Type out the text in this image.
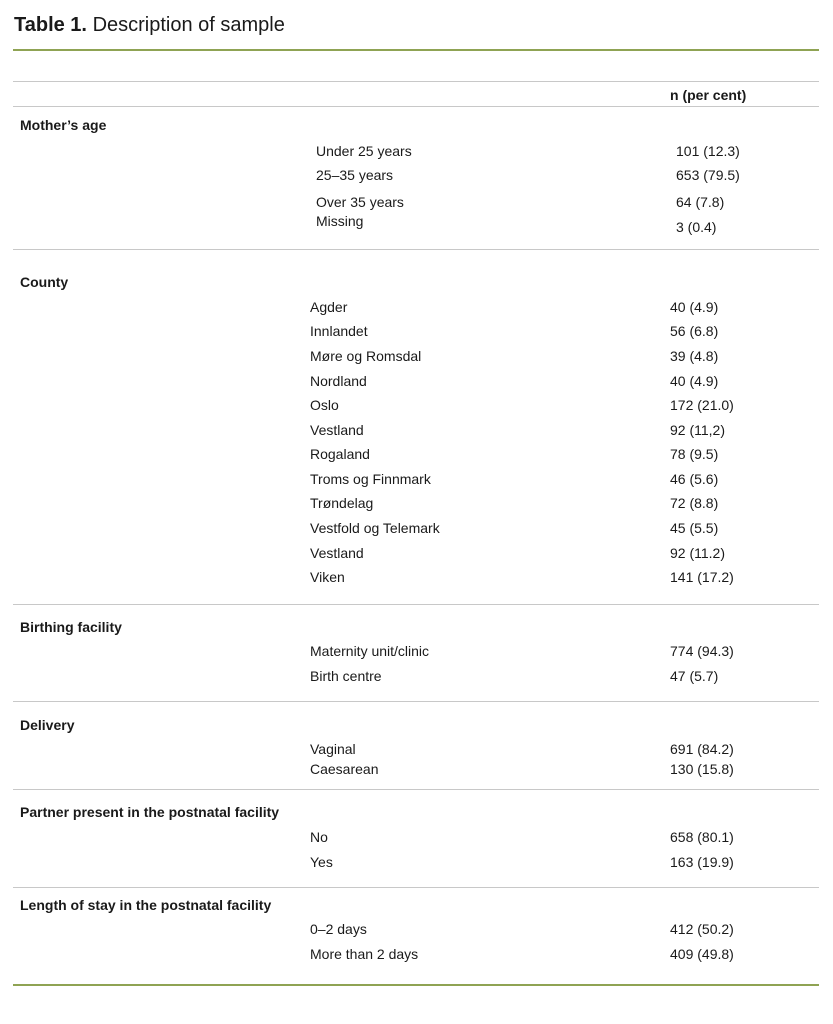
Table 1. Description of sample
n (per cent)
Mother’s age
Under 25 years	101 (12.3)
25–35 years	653 (79.5)
Over 35 years	64 (7.8)
Missing	3 (0.4)
County
Agder	40 (4.9)
Innlandet	56 (6.8)
Møre og Romsdal	39 (4.8)
Nordland	40 (4.9)
Oslo	172 (21.0)
Vestland	92 (11,2)
Rogaland	78 (9.5)
Troms og Finnmark	46 (5.6)
Trøndelag	72 (8.8)
Vestfold og Telemark	45 (5.5)
Vestland	92 (11.2)
Viken	141 (17.2)
Birthing facility
Maternity unit/clinic	774 (94.3)
Birth centre	47 (5.7)
Delivery
Vaginal	691 (84.2)
Caesarean	130 (15.8)
Partner present in the postnatal facility
No	658 (80.1)
Yes	163 (19.9)
Length of stay in the postnatal facility
0–2 days	412 (50.2)
More than 2 days	409 (49.8)
